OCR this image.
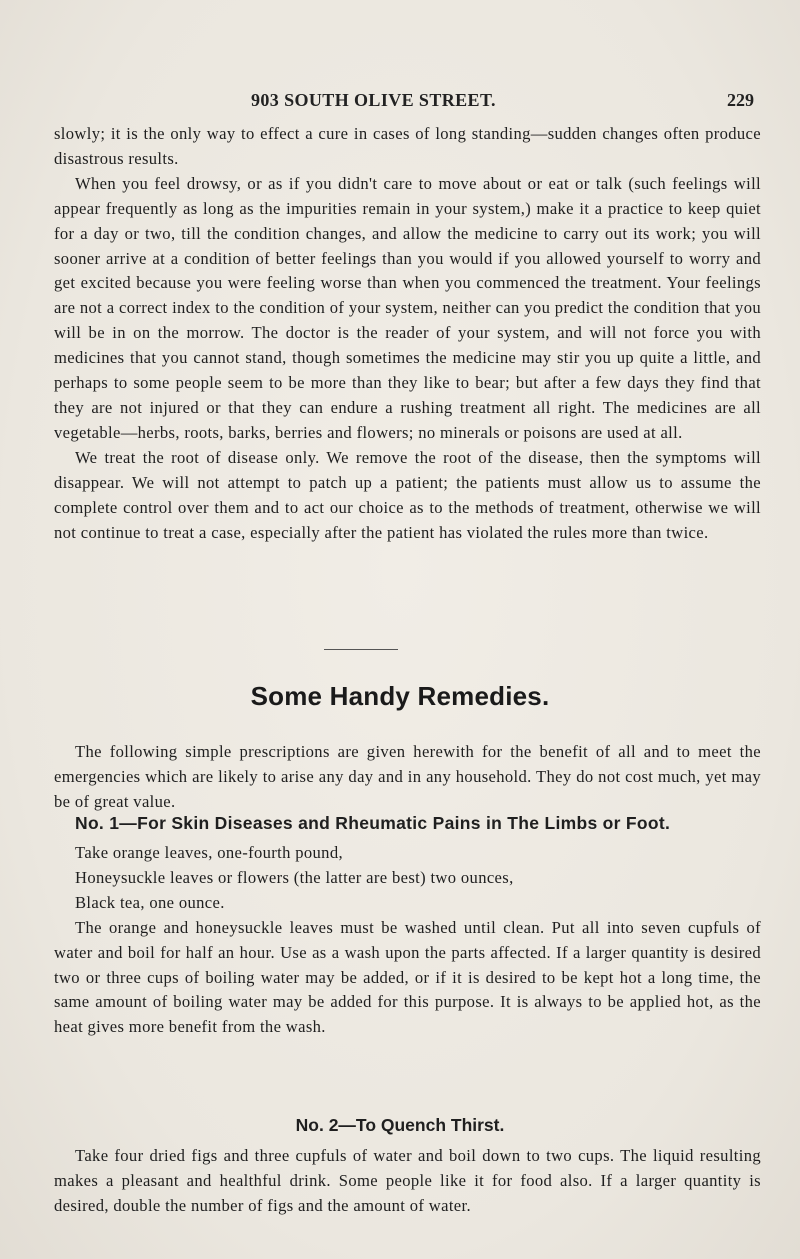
903 SOUTH OLIVE STREET.	229

slowly; it is the only way to effect a cure in cases of long standing—sudden changes often produce disastrous results.

When you feel drowsy, or as if you didn't care to move about or eat or talk (such feelings will appear frequently as long as the impurities remain in your system,) make it a practice to keep quiet for a day or two, till the condition changes, and allow the medicine to carry out its work; you will sooner arrive at a condition of better feelings than you would if you allowed yourself to worry and get excited because you were feeling worse than when you commenced the treatment. Your feelings are not a correct index to the condition of your system, neither can you predict the condition that you will be in on the morrow. The doctor is the reader of your system, and will not force you with medicines that you cannot stand, though sometimes the medicine may stir you up quite a little, and perhaps to some people seem to be more than they like to bear; but after a few days they find that they are not injured or that they can endure a rushing treatment all right. The medicines are all vegetable—herbs, roots, barks, berries and flowers; no minerals or poisons are used at all.

We treat the root of disease only. We remove the root of the disease, then the symptoms will disappear. We will not attempt to patch up a patient; the patients must allow us to assume the complete control over them and to act our choice as to the methods of treatment, otherwise we will not continue to treat a case, especially after the patient has violated the rules more than twice.

Some Handy Remedies.

The following simple prescriptions are given herewith for the benefit of all and to meet the emergencies which are likely to arise any day and in any household. They do not cost much, yet may be of great value.

No. 1—For Skin Diseases and Rheumatic Pains in The Limbs or Foot.

Take orange leaves, one-fourth pound,

Honeysuckle leaves or flowers (the latter are best) two ounces,

Black tea, one ounce.

The orange and honeysuckle leaves must be washed until clean. Put all into seven cupfuls of water and boil for half an hour. Use as a wash upon the parts affected. If a larger quantity is desired two or three cups of boiling water may be added, or if it is desired to be kept hot a long time, the same amount of boiling water may be added for this purpose. It is always to be applied hot, as the heat gives more benefit from the wash.

No. 2—To Quench Thirst.

Take four dried figs and three cupfuls of water and boil down to two cups. The liquid resulting makes a pleasant and healthful drink. Some people like it for food also. If a larger quantity is desired, double the number of figs and the amount of water.
